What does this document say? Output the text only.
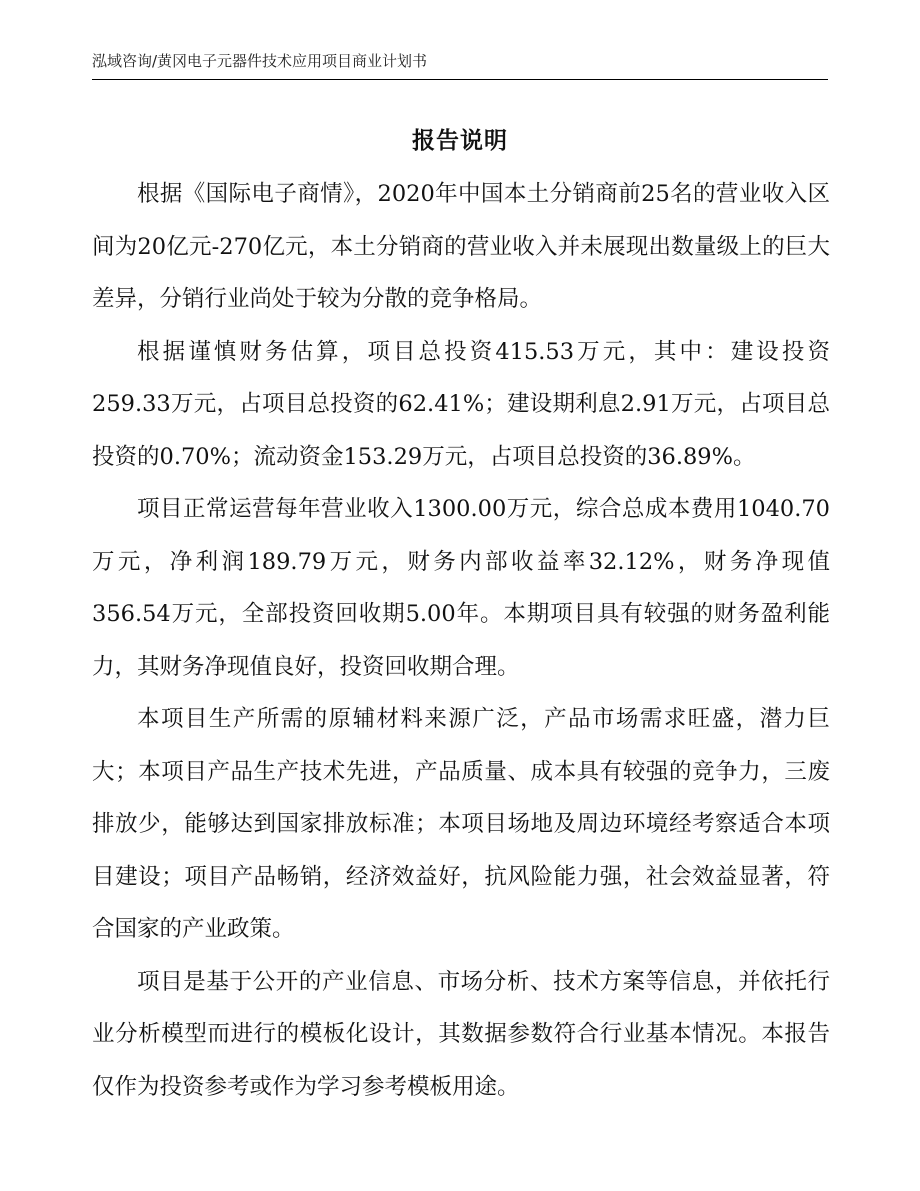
泓域咨询/黄冈电子元器件技术应用项目商业计划书
报告说明

根据《国际电子商情》，2020年中国本土分销商前25名的营业收入区间为20亿元-270亿元，本土分销商的营业收入并未展现出数量级上的巨大差异，分销行业尚处于较为分散的竞争格局。

根据谨慎财务估算，项目总投资415.53万元，其中：建设投资259.33万元，占项目总投资的62.41%；建设期利息2.91万元，占项目总投资的0.70%；流动资金153.29万元，占项目总投资的36.89%。

项目正常运营每年营业收入1300.00万元，综合总成本费用1040.70万元，净利润189.79万元，财务内部收益率32.12%，财务净现值356.54万元，全部投资回收期5.00年。本期项目具有较强的财务盈利能力，其财务净现值良好，投资回收期合理。

本项目生产所需的原辅材料来源广泛，产品市场需求旺盛，潜力巨大；本项目产品生产技术先进，产品质量、成本具有较强的竞争力，三废排放少，能够达到国家排放标准；本项目场地及周边环境经考察适合本项目建设；项目产品畅销，经济效益好，抗风险能力强，社会效益显著，符合国家的产业政策。

项目是基于公开的产业信息、市场分析、技术方案等信息，并依托行业分析模型而进行的模板化设计，其数据参数符合行业基本情况。本报告仅作为投资参考或作为学习参考模板用途。
